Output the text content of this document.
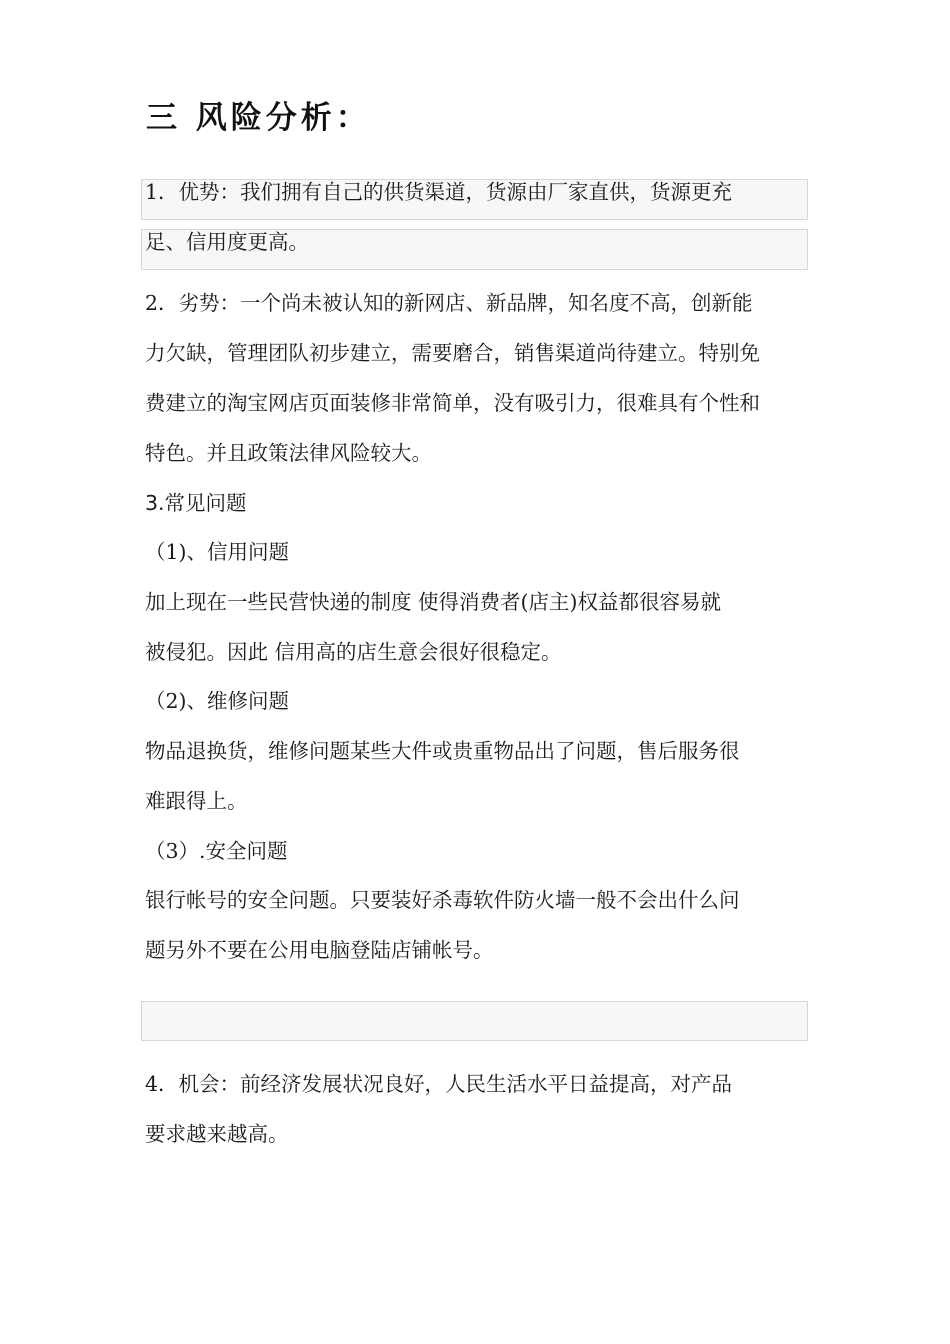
三 风险分析：
1．优势：我们拥有自己的供货渠道，货源由厂家直供，货源更充
足、信用度更高。
2．劣势：一个尚未被认知的新网店、新品牌，知名度不高，创新能
力欠缺，管理团队初步建立，需要磨合，销售渠道尚待建立。特别免
费建立的淘宝网店页面装修非常简单，没有吸引力，很难具有个性和
特色。并且政策法律风险较大。
3.常见问题
（1)、信用问题
加上现在一些民营快递的制度 使得消费者(店主)权益都很容易就
被侵犯。因此 信用高的店生意会很好很稳定。
（2)、维修问题
物品退换货，维修问题某些大件或贵重物品出了问题，售后服务很
难跟得上。
（3）.安全问题
银行帐号的安全问题。只要装好杀毒软件防火墙一般不会出什么问
题另外不要在公用电脑登陆店铺帐号。
4．机会：前经济发展状况良好，人民生活水平日益提高，对产品
要求越来越高。
